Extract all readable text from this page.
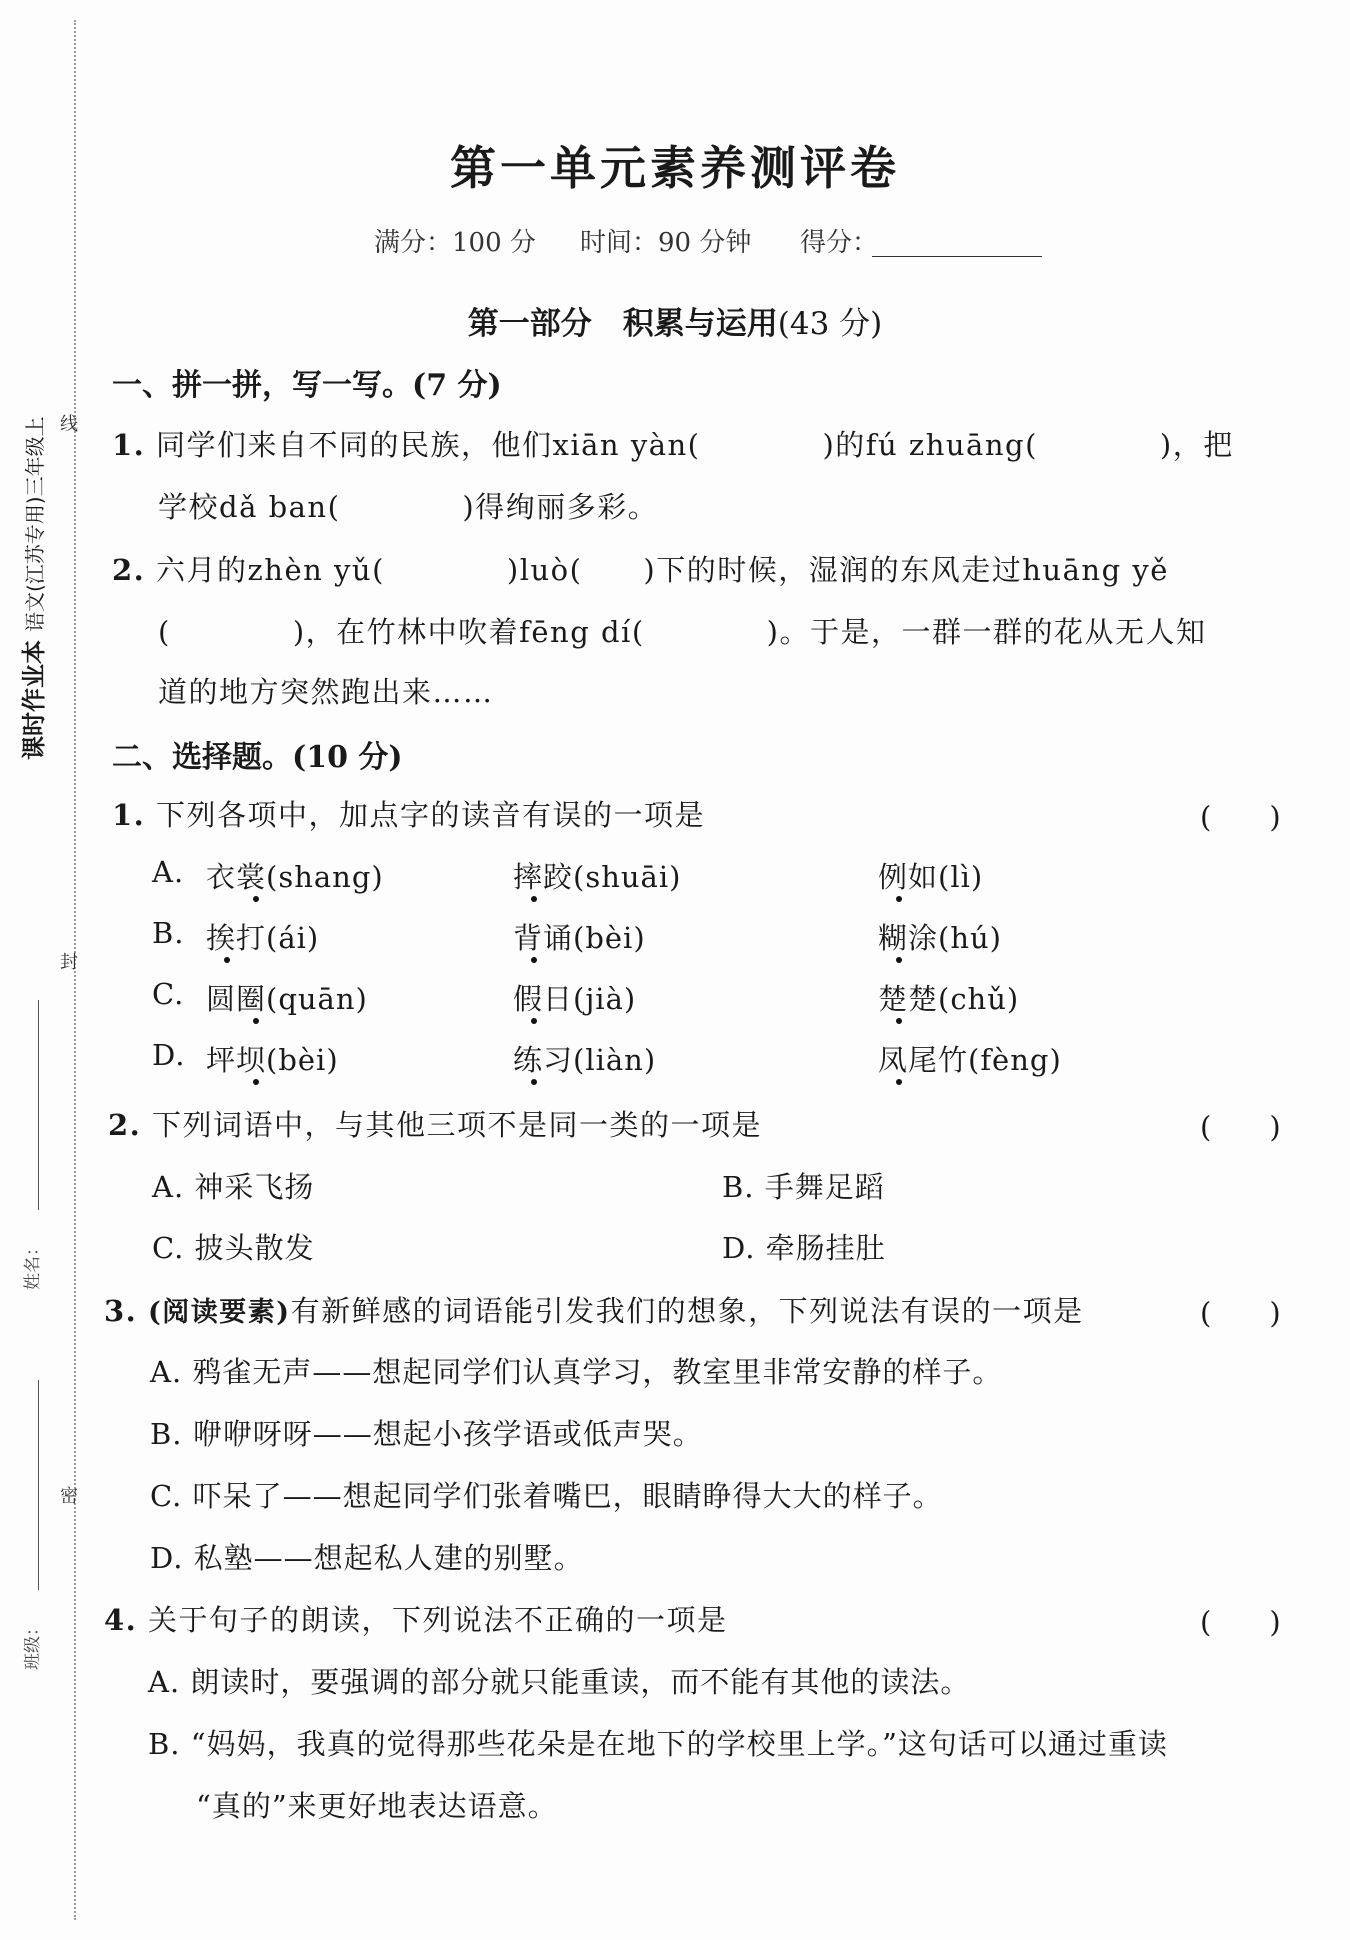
课时作业本语文(江苏专用)三年级上 线
封
密
姓名：
班级：
第一单元素养测评卷
满分：100 分 时间：90 分钟 得分：
第一部分　积累与运用(43 分)
一、拼一拼，写一写。(7 分)
1. 同学们来自不同的民族，他们xiān yàn(　　　　)的fú zhuāng(　　　　)，把
学校dǎ ban(　　　　)得绚丽多彩。
2. 六月的zhèn yǔ(　　　　)luò(　　)下的时候，湿润的东风走过huāng yě
(　　　　)，在竹林中吹着fēng dí(　　　　)。于是，一群一群的花从无人知
道的地方突然跑出来……
二、选择题。(10 分)
1. 下列各项中，加点字的读音有误的一项是	(　　)
A. 衣裳(shang)	摔跤(shuāi)	例如(lì)
B. 挨打(ái)	背诵(bèi)	糊涂(hú)
C. 圆圈(quān)	假日(jià)	楚楚(chǔ)
D. 坪坝(bèi)	练习(liàn)	凤尾竹(fèng)
2. 下列词语中，与其他三项不是同一类的一项是	(　　)
A. 神采飞扬	B. 手舞足蹈
C. 披头散发	D. 牵肠挂肚
3. (阅读要素)有新鲜感的词语能引发我们的想象，下列说法有误的一项是	(　　)
A. 鸦雀无声——想起同学们认真学习，教室里非常安静的样子。
B. 咿咿呀呀——想起小孩学语或低声哭。
C. 吓呆了——想起同学们张着嘴巴，眼睛睁得大大的样子。
D. 私塾——想起私人建的别墅。
4. 关于句子的朗读，下列说法不正确的一项是	(　　)
A. 朗读时，要强调的部分就只能重读，而不能有其他的读法。
B. “妈妈，我真的觉得那些花朵是在地下的学校里上学。”这句话可以通过重读
“真的”来更好地表达语意。
